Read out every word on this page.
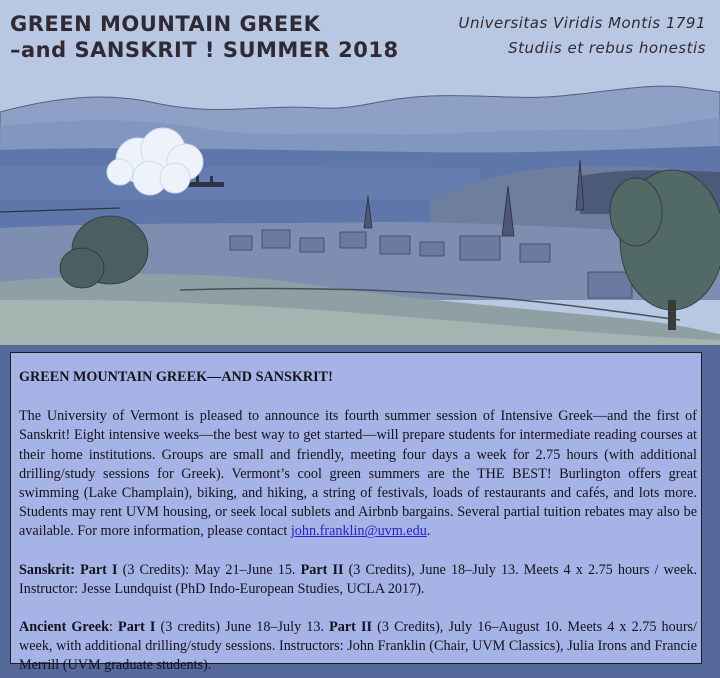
GREEN MOUNTAIN GREEK
–and SANSKRIT ! SUMMER 2018
Universitas Viridis Montis 1791
Studiis et rebus honestis

GREEN MOUNTAIN GREEK—AND SANSKRIT!

The University of Vermont is pleased to announce its fourth summer session of Intensive Greek—and the first of Sanskrit! Eight intensive weeks—the best way to get started—will prepare students for intermediate reading courses at their home institutions. Groups are small and friendly, meeting four days a week for 2.75 hours (with additional drilling/study sessions for Greek). Vermont’s cool green summers are the THE BEST! Burlington offers great swimming (Lake Champlain), biking, and hiking, a string of festivals, loads of restaurants and cafés, and lots more. Students may rent UVM housing, or seek local sublets and Airbnb bargains. Several partial tuition rebates may also be available. For more information, please contact john.franklin@uvm.edu.

Sanskrit: Part I (3 Credits): May 21–June 15. Part II (3 Credits), June 18–July 13. Meets 4 x 2.75 hours / week. Instructor: Jesse Lundquist (PhD Indo-European Studies, UCLA 2017).

Ancient Greek: Part I (3 credits) June 18–July 13. Part II (3 Credits), July 16–August 10. Meets 4 x 2.75 hours/ week, with additional drilling/study sessions. Instructors: John Franklin (Chair, UVM Classics), Julia Irons and Francie Merrill (UVM graduate students).
